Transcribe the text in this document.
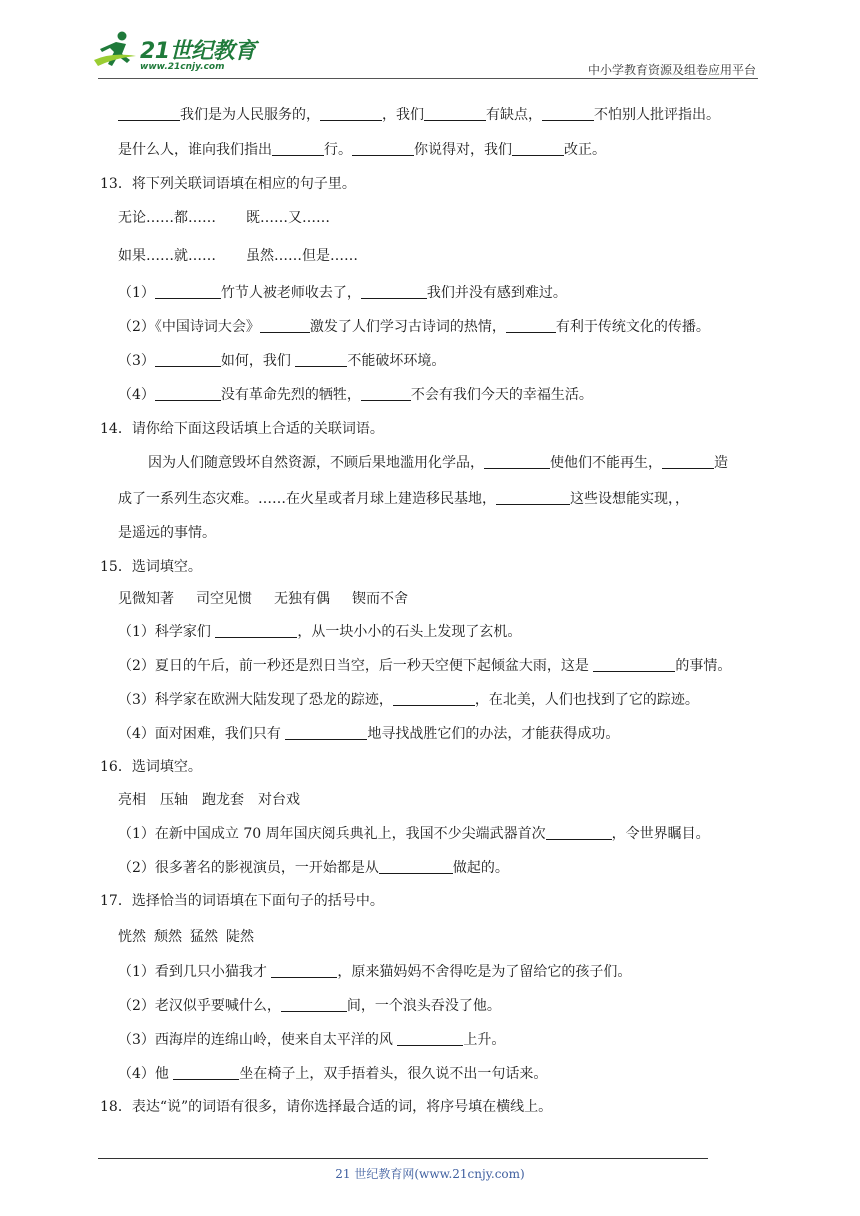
21世纪教育
www.21cnjy.com	中小学教育资源及组卷应用平台
我们是为人民服务的，	，我们	有缺点，	不怕别人批评指出。
是什么人，谁向我们指出	行。	你说得对，我们	改正。
13．将下列关联词语填在相应的句子里。
无论……都…… 既……又……
如果……就…… 虽然……但是……
（1）	竹节人被老师收去了，	我们并没有感到难过。
（2）《中国诗词大会》	激发了人们学习古诗词的热情，	有利于传统文化的传播。
（3）	如何，我们	不能破坏环境。
（4）	没有革命先烈的牺牲，	不会有我们今天的幸福生活。
14．请你给下面这段话填上合适的关联词语。
因为人们随意毁坏自然资源，不顾后果地滥用化学品，	使他们不能再生，	造
成了一系列生态灾难。……在火星或者月球上建造移民基地，	这些设想能实现，，
是遥远的事情。
15．选词填空。
见微知著 司空见惯 无独有偶 锲而不舍
（1）科学家们	，从一块小小的石头上发现了玄机。
（2）夏日的午后，前一秒还是烈日当空，后一秒天空便下起倾盆大雨，这是	的事情。
（3）科学家在欧洲大陆发现了恐龙的踪迹，	，在北美，人们也找到了它的踪迹。
（4）面对困难，我们只有	地寻找战胜它们的办法，才能获得成功。
16．选词填空。
亮相 压轴 跑龙套 对台戏
（1）在新中国成立 70 周年国庆阅兵典礼上，我国不少尖端武器首次	，令世界瞩目。
（2）很多著名的影视演员，一开始都是从	做起的。
17．选择恰当的词语填在下面句子的括号中。
恍然 颓然 猛然 陡然
（1）看到几只小猫我才	，原来猫妈妈不舍得吃是为了留给它的孩子们。
（2）老汉似乎要喊什么，	间，一个浪头吞没了他。
（3）西海岸的连绵山岭，使来自太平洋的风	上升。
（4）他	坐在椅子上，双手捂着头，很久说不出一句话来。
18．表达“说”的词语有很多，请你选择最合适的词，将序号填在横线上。
21 世纪教育网(www.21cnjy.com)
